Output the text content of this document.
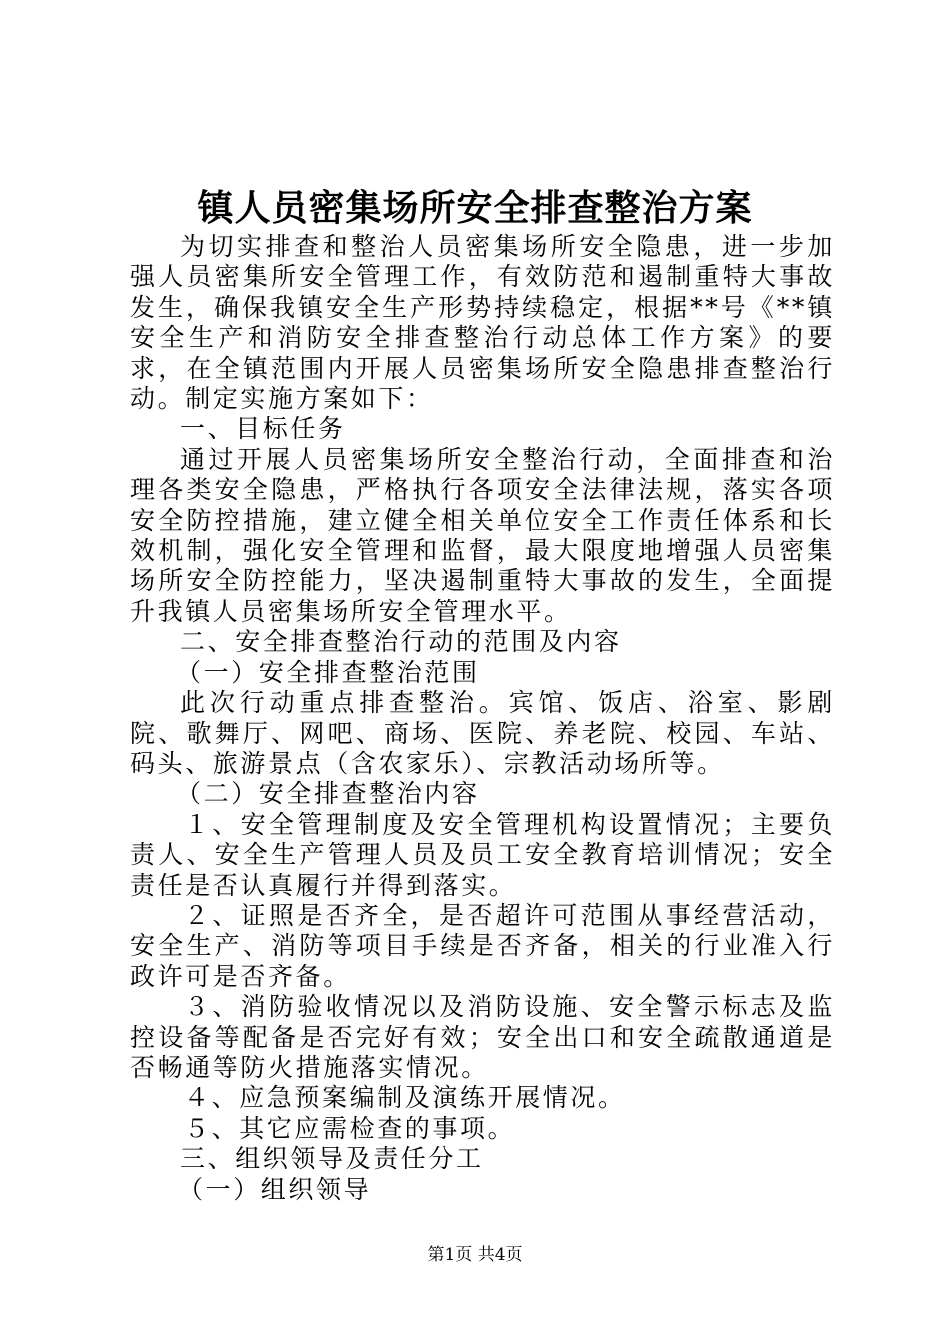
镇人员密集场所安全排查整治方案

为切实排查和整治人员密集场所安全隐患，进一步加强人员密集所安全管理工作，有效防范和遏制重特大事故发生，确保我镇安全生产形势持续稳定，根据**号《**镇安全生产和消防安全排查整治行动总体工作方案》的要求，在全镇范围内开展人员密集场所安全隐患排查整治行动。制定实施方案如下：

一、目标任务

通过开展人员密集场所安全整治行动，全面排查和治理各类安全隐患，严格执行各项安全法律法规，落实各项安全防控措施，建立健全相关单位安全工作责任体系和长效机制，强化安全管理和监督，最大限度地增强人员密集场所安全防控能力，坚决遏制重特大事故的发生，全面提升我镇人员密集场所安全管理水平。

二、安全排查整治行动的范围及内容

（一）安全排查整治范围

此次行动重点排查整治。宾馆、饭店、浴室、影剧院、歌舞厅、网吧、商场、医院、养老院、校园、车站、码头、旅游景点（含农家乐）、宗教活动场所等。

（二）安全排查整治内容

１、安全管理制度及安全管理机构设置情况；主要负责人、安全生产管理人员及员工安全教育培训情况；安全责任是否认真履行并得到落实。

２、证照是否齐全，是否超许可范围从事经营活动，安全生产、消防等项目手续是否齐备，相关的行业准入行政许可是否齐备。

３、消防验收情况以及消防设施、安全警示标志及监控设备等配备是否完好有效；安全出口和安全疏散通道是否畅通等防火措施落实情况。

４、应急预案编制及演练开展情况。

５、其它应需检查的事项。

三、组织领导及责任分工

（一）组织领导

第1页 共4页
